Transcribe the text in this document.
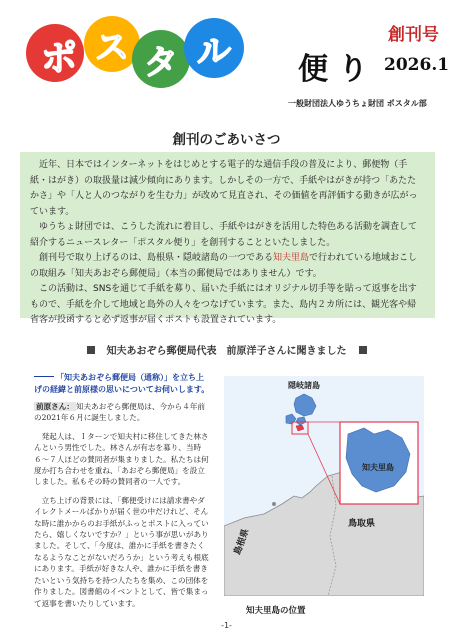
ポ ス タ ル 便り
創刊号
2026.1
一般財団法人ゆうちょ財団 ポスタル部
創刊のごあいさつ

近年、日本ではインターネットをはじめとする電子的な通信手段の普及により、郵便物（手紙・はがき）の取扱量は減少傾向にあります。しかしその一方で、手紙やはがきが持つ「あたたかさ」や「人と人のつながりを生む力」が改めて見直され、その価値を再評価する動きが広がっています。

ゆうちょ財団では、こうした流れに着目し、手紙やはがきを活用した特色ある活動を調査して紹介するニュースレター「ポスタル便り」を創刊することといたしました。

創刊号で取り上げるのは、島根県・隠岐諸島の一つである知夫里島で行われている地域おこしの取組み「知夫あおぞら郵便局」（本当の郵便局ではありません）です。

この活動は、SNSを通じて手紙を募り、届いた手紙にはオリジナル切手等を貼って返事を出すもので、手紙を介して地域と島外の人々をつなげています。また、島内２カ所には、観光客や帰省客が投函すると必ず返事が届くポストも設置されています。

知夫あおぞら郵便局代表　前原洋子さんに聞きました
「知夫あおぞら郵便局（通称）」を立ち上げの経緯と前原様の思いについてお伺いします。

前原さん： 知夫あおぞら郵便局は、今から４年前の2021年６月に誕生しました。

発起人は、Ｉターンで知夫村に移住してきた林さんという男性でした。林さんが有志を募り、当時６〜７人ほどの賛同者が集まりました。私たちは何度か打ち合わせを重ね、「あおぞら郵便局」を設立しました。私もその時の賛同者の一人です。

立ち上げの背景には、「郵便受けには請求書やダイレクトメールばかりが届く世の中だけれど、そんな時に誰かからのお手紙がふっとポストに入っていたら、嬉しくないですか？」という事が思いがありました。そして、「今度は、誰かに手紙を書きたくなるようなことがないだろうか」という考えも根底にあります。手紙が好きな人や、誰かに手紙を書きたいという気持ちを持つ人たちを集め、この団体を作りました。図書館のイベントとして、皆で集まって返事を書いたりしています。

隠岐諸島
知夫里島
鳥取県
島根県
知夫里島の位置
-1-
